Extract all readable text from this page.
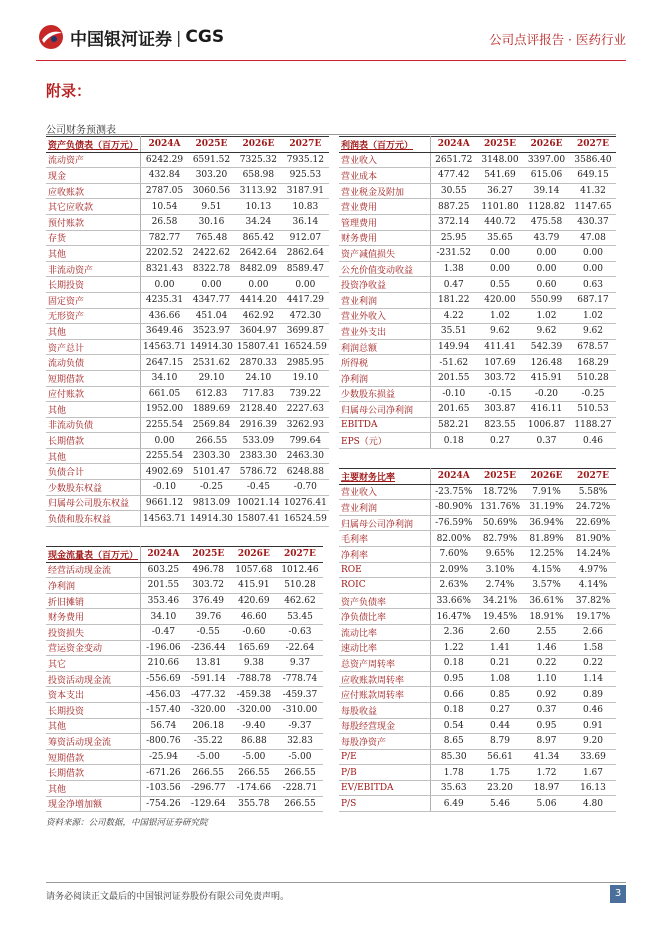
中国银河证券 | CGS	公司点评报告 · 医药行业
附录：
公司财务预测表
资产负债表（百万元）	2024A	2025E	2026E	2027E
流动资产	6242.29	6591.52	7325.32	7935.12
现金	432.84	303.20	658.98	925.53
应收账款	2787.05	3060.56	3113.92	3187.91
其它应收款	10.54	9.51	10.13	10.83
预付账款	26.58	30.16	34.24	36.14
存货	782.77	765.48	865.42	912.07
其他	2202.52	2422.62	2642.64	2862.64
非流动资产	8321.43	8322.78	8482.09	8589.47
长期投资	0.00	0.00	0.00	0.00
固定资产	4235.31	4347.77	4414.20	4417.29
无形资产	436.66	451.04	462.92	472.30
其他	3649.46	3523.97	3604.97	3699.87
资产总计	14563.71	14914.30	15807.41	16524.59
流动负债	2647.15	2531.62	2870.33	2985.95
短期借款	34.10	29.10	24.10	19.10
应付账款	661.05	612.83	717.83	739.22
其他	1952.00	1889.69	2128.40	2227.63
非流动负债	2255.54	2569.84	2916.39	3262.93
长期借款	0.00	266.55	533.09	799.64
其他	2255.54	2303.30	2383.30	2463.30
负债合计	4902.69	5101.47	5786.72	6248.88
少数股东权益	-0.10	-0.25	-0.45	-0.70
归属母公司股东权益	9661.12	9813.09	10021.14	10276.41
负债和股东权益	14563.71	14914.30	15807.41	16524.59
利润表（百万元）	2024A	2025E	2026E	2027E
营业收入	2651.72	3148.00	3397.00	3586.40
营业成本	477.42	541.69	615.06	649.15
营业税金及附加	30.55	36.27	39.14	41.32
营业费用	887.25	1101.80	1128.82	1147.65
管理费用	372.14	440.72	475.58	430.37
财务费用	25.95	35.65	43.79	47.08
资产减值损失	-231.52	0.00	0.00	0.00
公允价值变动收益	1.38	0.00	0.00	0.00
投资净收益	0.47	0.55	0.60	0.63
营业利润	181.22	420.00	550.99	687.17
营业外收入	4.22	1.02	1.02	1.02
营业外支出	35.51	9.62	9.62	9.62
利润总额	149.94	411.41	542.39	678.57
所得税	-51.62	107.69	126.48	168.29
净利润	201.55	303.72	415.91	510.28
少数股东损益	-0.10	-0.15	-0.20	-0.25
归属母公司净利润	201.65	303.87	416.11	510.53
EBITDA	582.21	823.55	1006.87	1188.27
EPS（元）	0.18	0.27	0.37	0.46
现金流量表（百万元）	2024A	2025E	2026E	2027E
经营活动现金流	603.25	496.78	1057.68	1012.46
净利润	201.55	303.72	415.91	510.28
折旧摊销	353.46	376.49	420.69	462.62
财务费用	34.10	39.76	46.60	53.45
投资损失	-0.47	-0.55	-0.60	-0.63
营运资金变动	-196.06	-236.44	165.69	-22.64
其它	210.66	13.81	9.38	9.37
投资活动现金流	-556.69	-591.14	-788.78	-778.74
资本支出	-456.03	-477.32	-459.38	-459.37
长期投资	-157.40	-320.00	-320.00	-310.00
其他	56.74	206.18	-9.40	-9.37
筹资活动现金流	-800.76	-35.22	86.88	32.83
短期借款	-25.94	-5.00	-5.00	-5.00
长期借款	-671.26	266.55	266.55	266.55
其他	-103.56	-296.77	-174.66	-228.71
现金净增加额	-754.26	-129.64	355.78	266.55
主要财务比率	2024A	2025E	2026E	2027E
营业收入	-23.75%	18.72%	7.91%	5.58%
营业利润	-80.90%	131.76%	31.19%	24.72%
归属母公司净利润	-76.59%	50.69%	36.94%	22.69%
毛利率	82.00%	82.79%	81.89%	81.90%
净利率	7.60%	9.65%	12.25%	14.24%
ROE	2.09%	3.10%	4.15%	4.97%
ROIC	2.63%	2.74%	3.57%	4.14%
资产负债率	33.66%	34.21%	36.61%	37.82%
净负债比率	16.47%	19.45%	18.91%	19.17%
流动比率	2.36	2.60	2.55	2.66
速动比率	1.22	1.41	1.46	1.58
总资产周转率	0.18	0.21	0.22	0.22
应收账款周转率	0.95	1.08	1.10	1.14
应付账款周转率	0.66	0.85	0.92	0.89
每股收益	0.18	0.27	0.37	0.46
每股经营现金	0.54	0.44	0.95	0.91
每股净资产	8.65	8.79	8.97	9.20
P/E	85.30	56.61	41.34	33.69
P/B	1.78	1.75	1.72	1.67
EV/EBITDA	35.63	23.20	18.97	16.13
P/S	6.49	5.46	5.06	4.80
资料来源：公司数据，中国银河证券研究院
请务必阅读正文最后的中国银河证券股份有限公司免责声明。	3
